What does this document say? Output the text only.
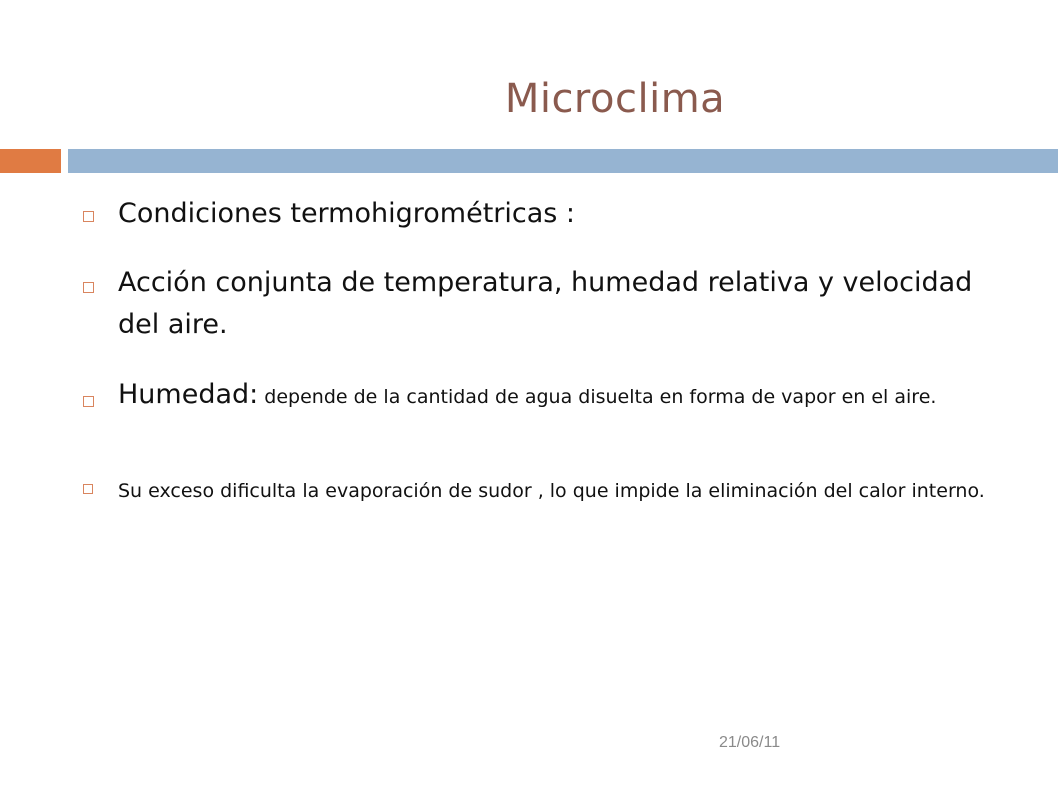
Microclima
Condiciones termohigrométricas :
Acción conjunta de temperatura, humedad relativa y velocidad del aire.
Humedad: depende de la cantidad de agua disuelta en forma de vapor en el aire.
Su exceso dificulta la evaporación de sudor , lo que impide la eliminación del calor interno.
21/06/11
